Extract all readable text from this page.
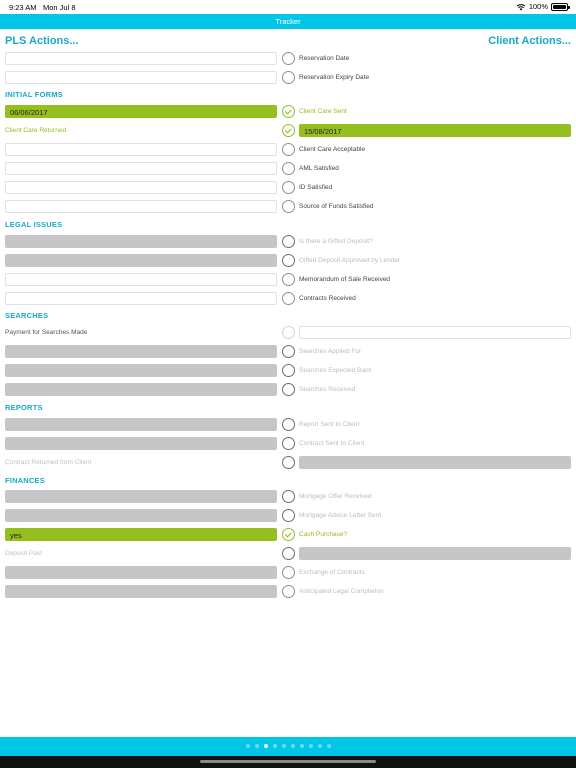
9:23 AM Mon Jul 8	100%
Tracker
PLS Actions...	Client Actions...
Reservation Date
Reservation Expiry Date
INITIAL FORMS
06/06/2017	Client Care Sent
Client Care Returned	15/08/2017
Client Care Acceptable
AML Satisfied
ID Satisfied
Source of Funds Satisfied
LEGAL ISSUES
Is there a Gifted Deposit?
Gifted Deposit Approved by Lender
Memorandum of Sale Received
Contracts Received
SEARCHES
Payment for Searches Made
Searches Applied For
Searches Expected Back
Searches Received
REPORTS
Report Sent to Client
Contract Sent to Client
Contract Returned from Client
FINANCES
Mortgage Offer Received
Mortgage Advice Letter Sent
yes	Cash Purchase?
Deposit Paid
Exchange of Contracts
Anticipated Legal Completion
